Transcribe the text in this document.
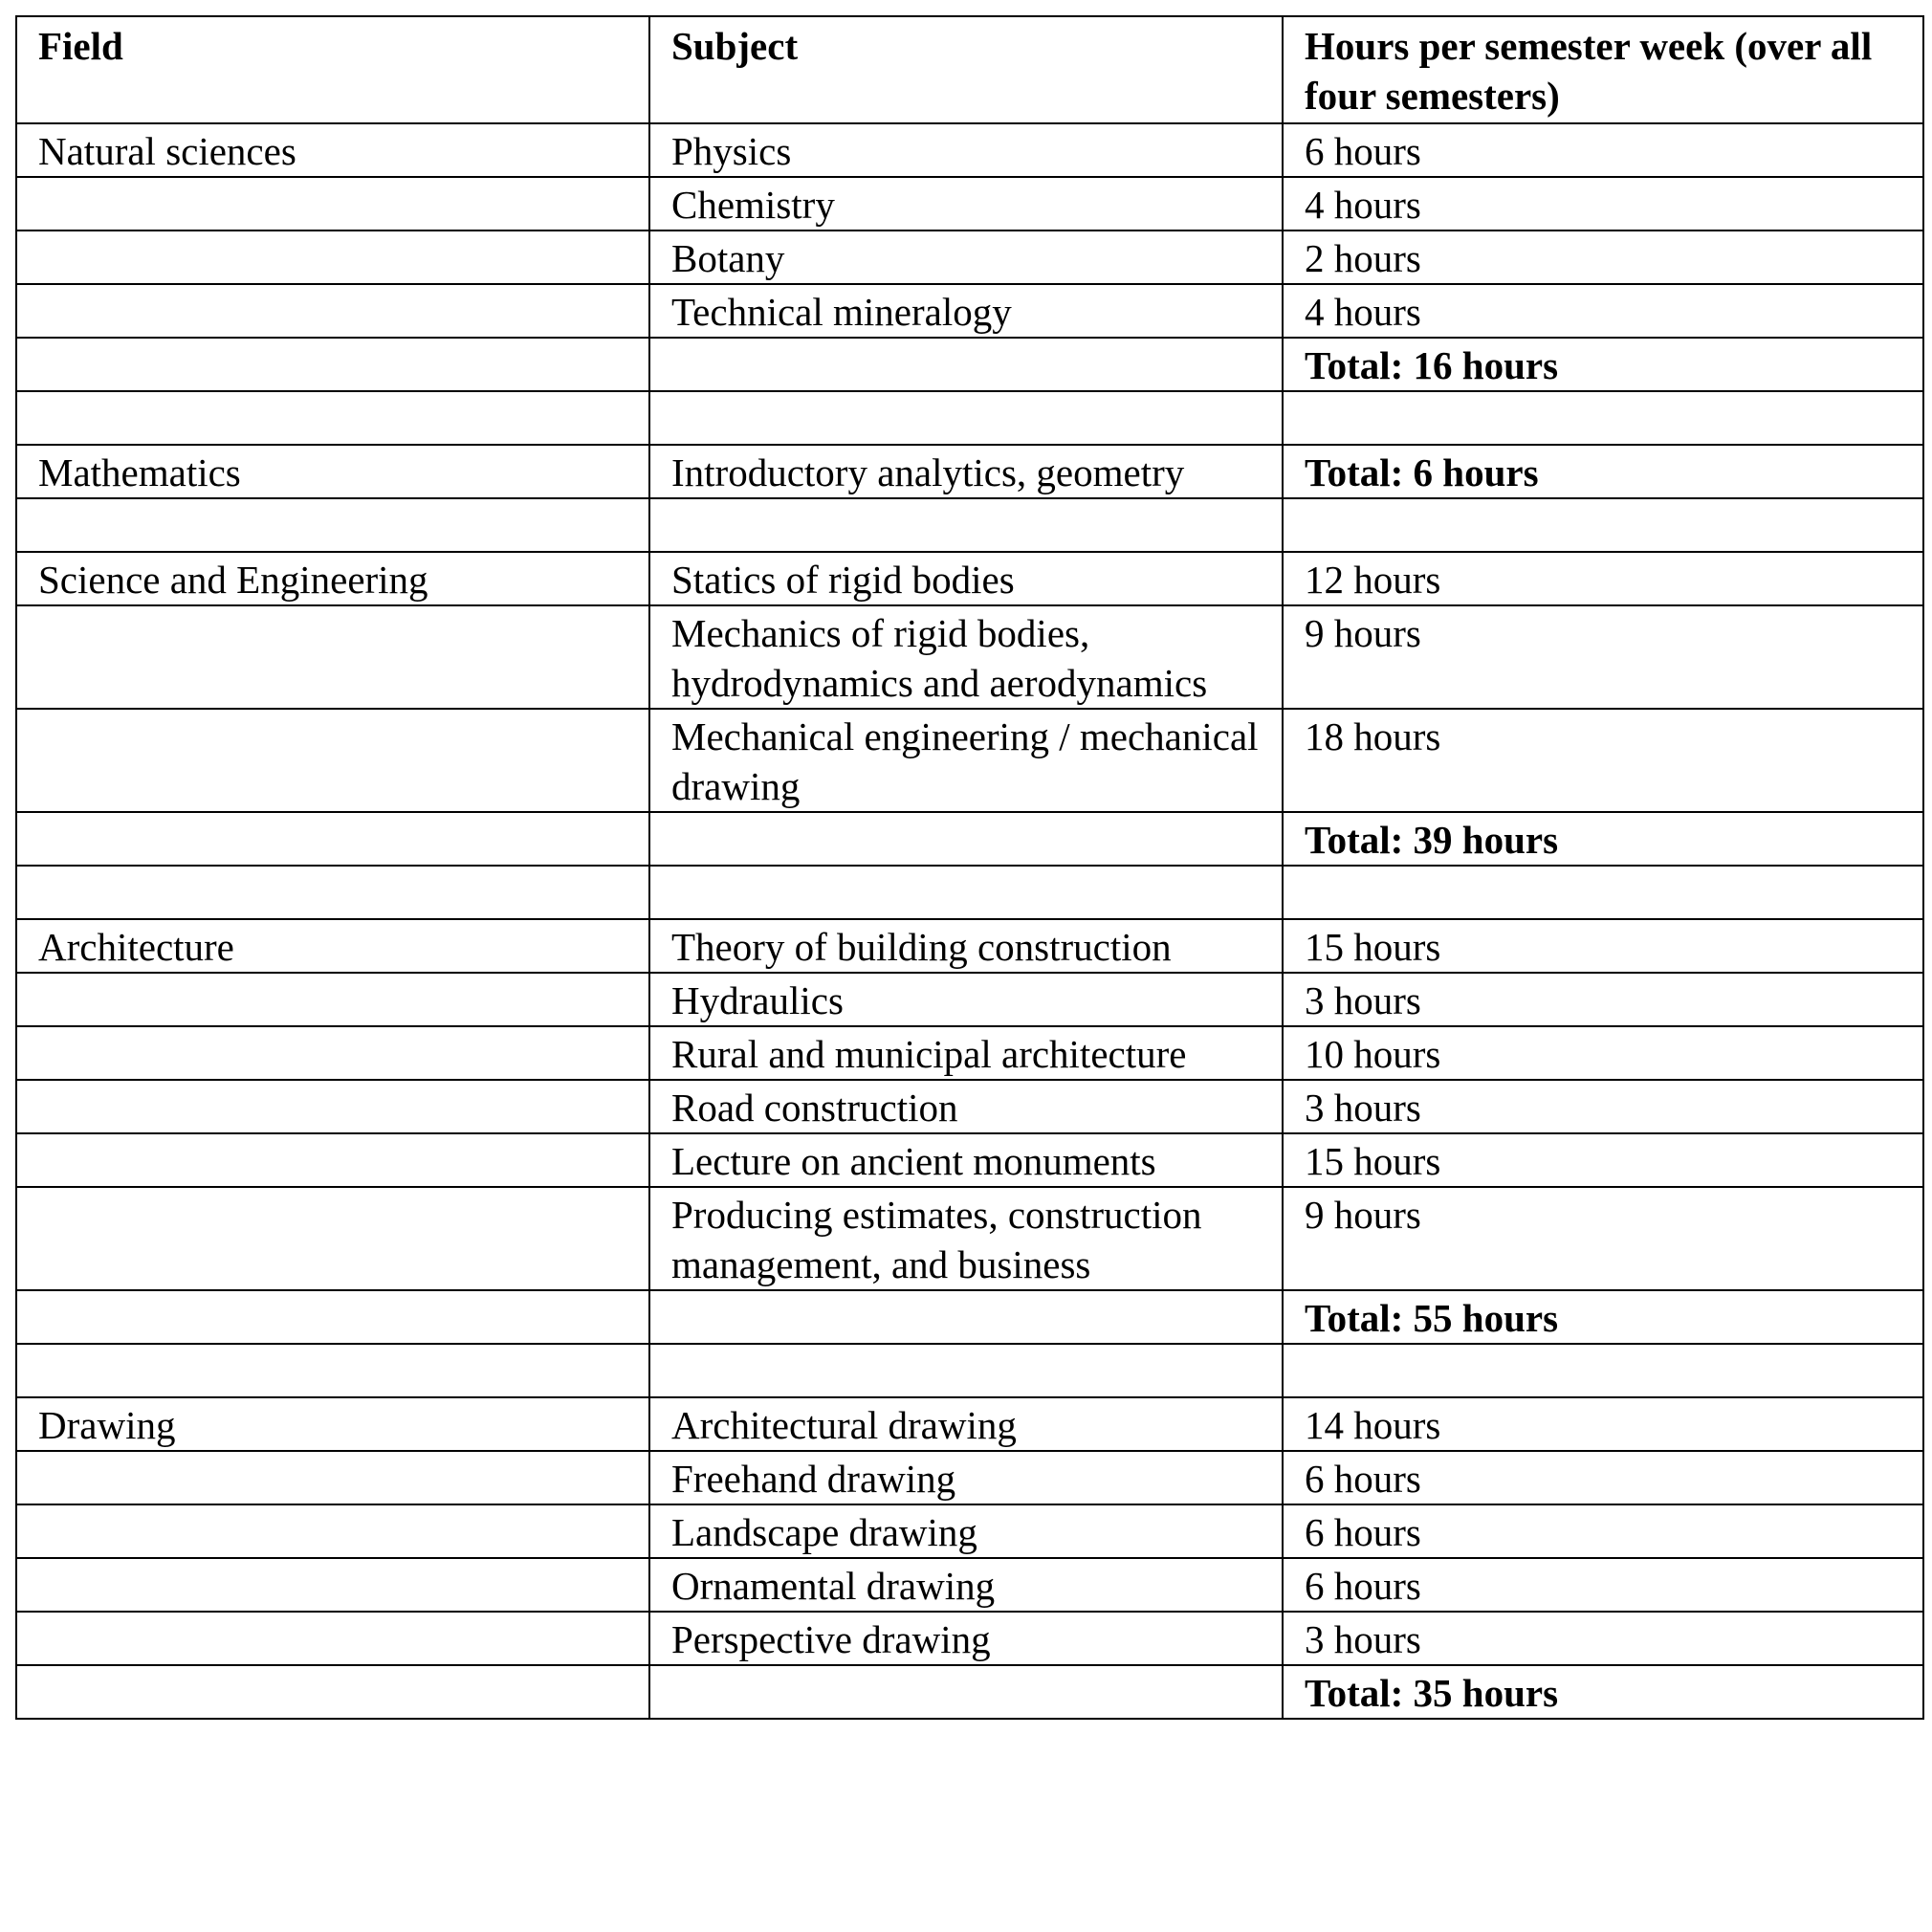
Field	Subject	Hours per semester week (over all four semesters)
Natural sciences	Physics	6 hours
	Chemistry	4 hours
	Botany	2 hours
	Technical mineralogy	4 hours
		Total: 16 hours

Mathematics	Introductory analytics, geometry	Total: 6 hours

Science and Engineering	Statics of rigid bodies	12 hours
	Mechanics of rigid bodies, hydrodynamics and aerodynamics	9 hours
	Mechanical engineering / mechanical drawing	18 hours
		Total: 39 hours

Architecture	Theory of building construction	15 hours
	Hydraulics	3 hours
	Rural and municipal architecture	10 hours
	Road construction	3 hours
	Lecture on ancient monuments	15 hours
	Producing estimates, construction management, and business	9 hours
		Total: 55 hours

Drawing	Architectural drawing	14 hours
	Freehand drawing	6 hours
	Landscape drawing	6 hours
	Ornamental drawing	6 hours
	Perspective drawing	3 hours
		Total: 35 hours
